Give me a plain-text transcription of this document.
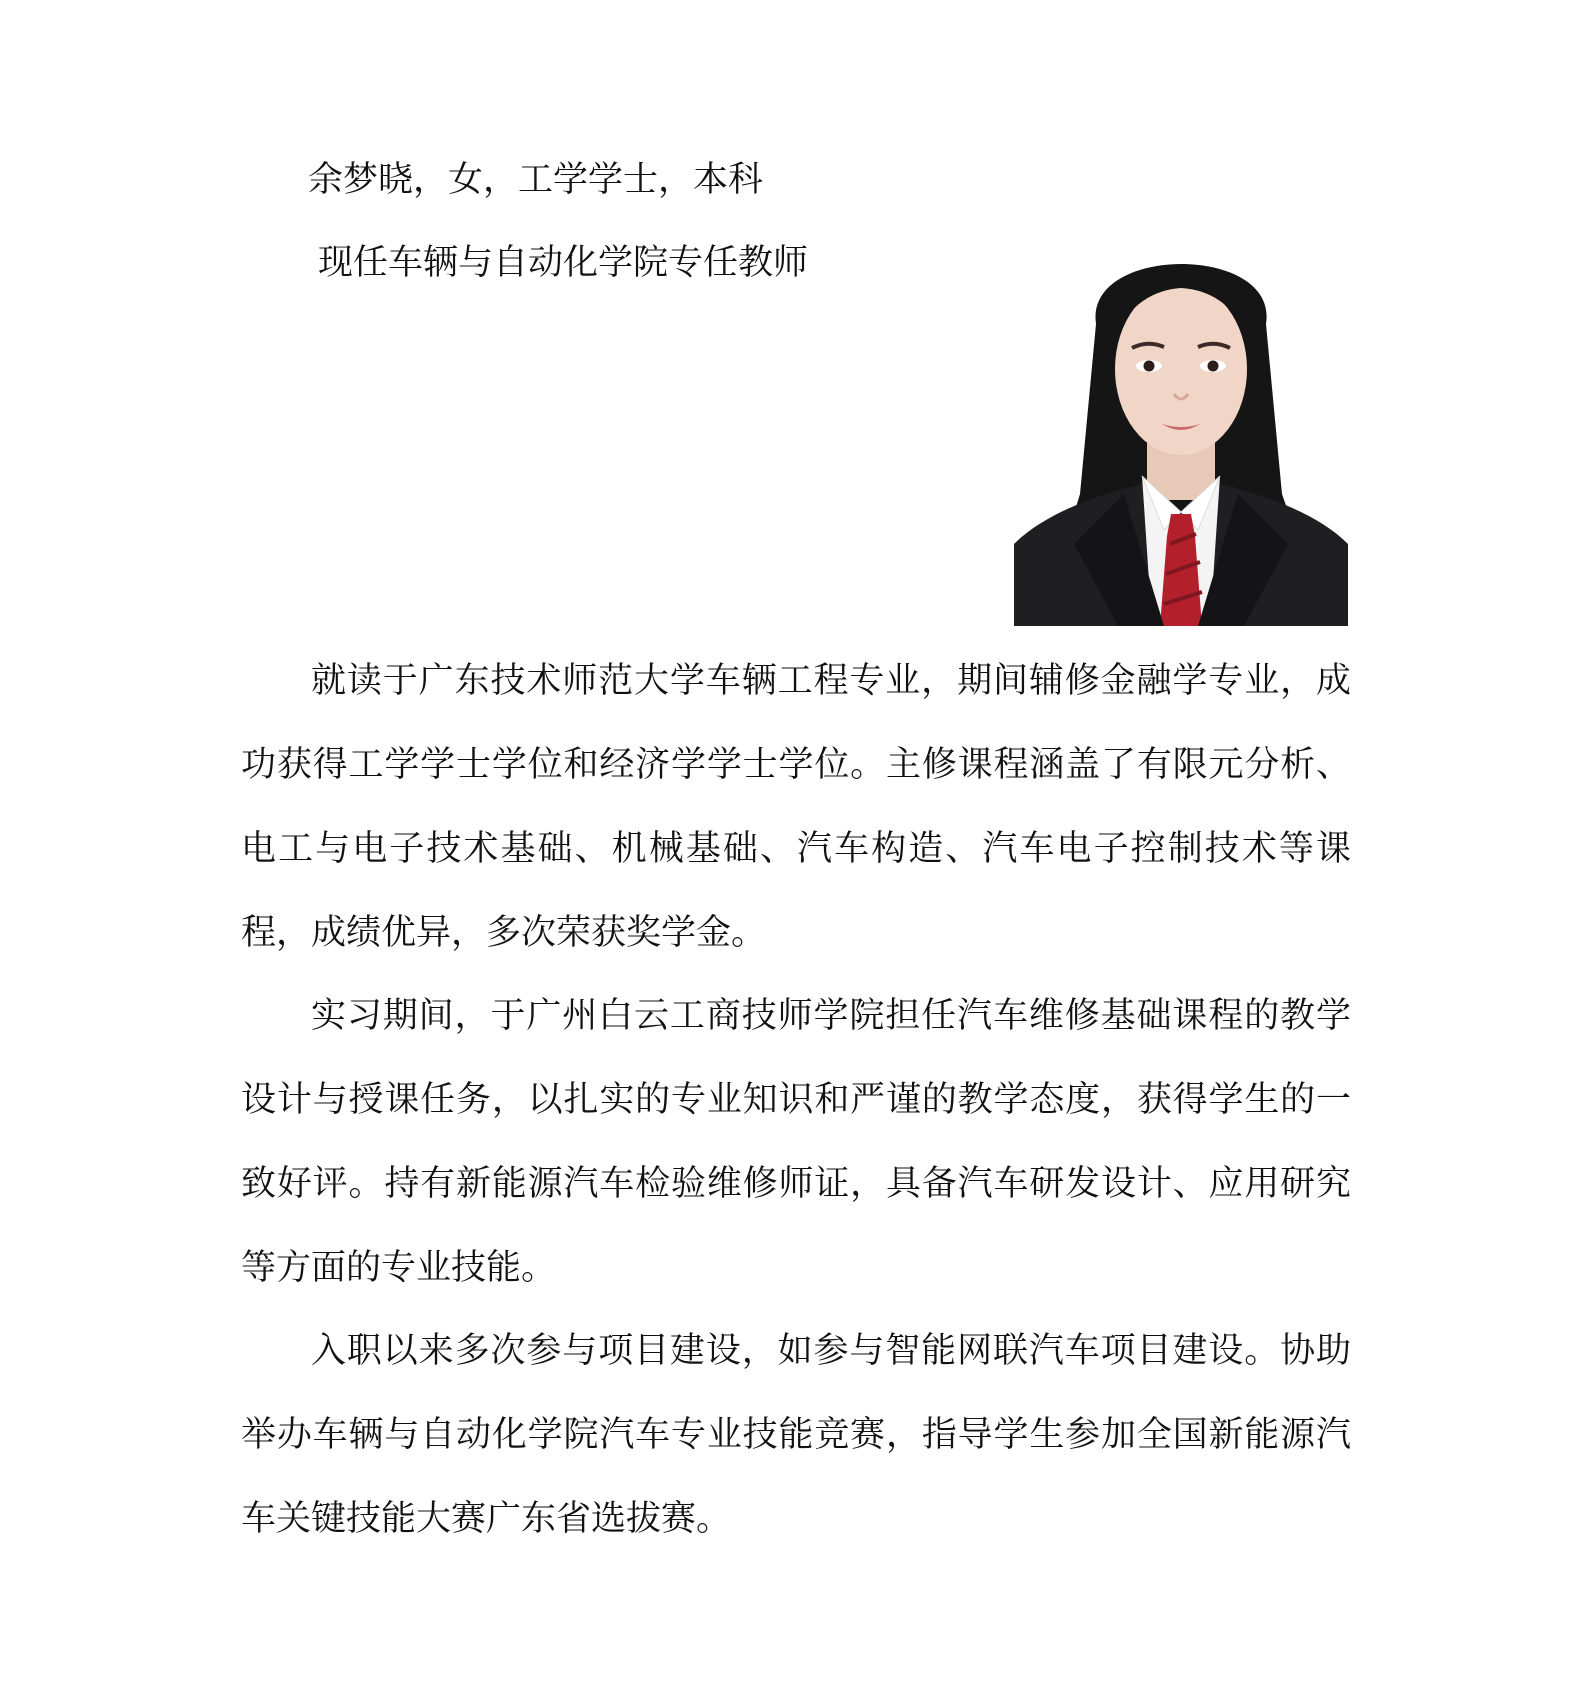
余梦晓，女，工学学士，本科
现任车辆与自动化学院专任教师

就读于广东技术师范大学车辆工程专业，期间辅修金融学专业，成功获得工学学士学位和经济学学士学位。主修课程涵盖了有限元分析、电工与电子技术基础、机械基础、汽车构造、汽车电子控制技术等课程，成绩优异，多次荣获奖学金。

实习期间，于广州白云工商技师学院担任汽车维修基础课程的教学设计与授课任务，以扎实的专业知识和严谨的教学态度，获得学生的一致好评。持有新能源汽车检验维修师证，具备汽车研发设计、应用研究等方面的专业技能。

入职以来多次参与项目建设，如参与智能网联汽车项目建设。协助举办车辆与自动化学院汽车专业技能竞赛，指导学生参加全国新能源汽车关键技能大赛广东省选拔赛。
